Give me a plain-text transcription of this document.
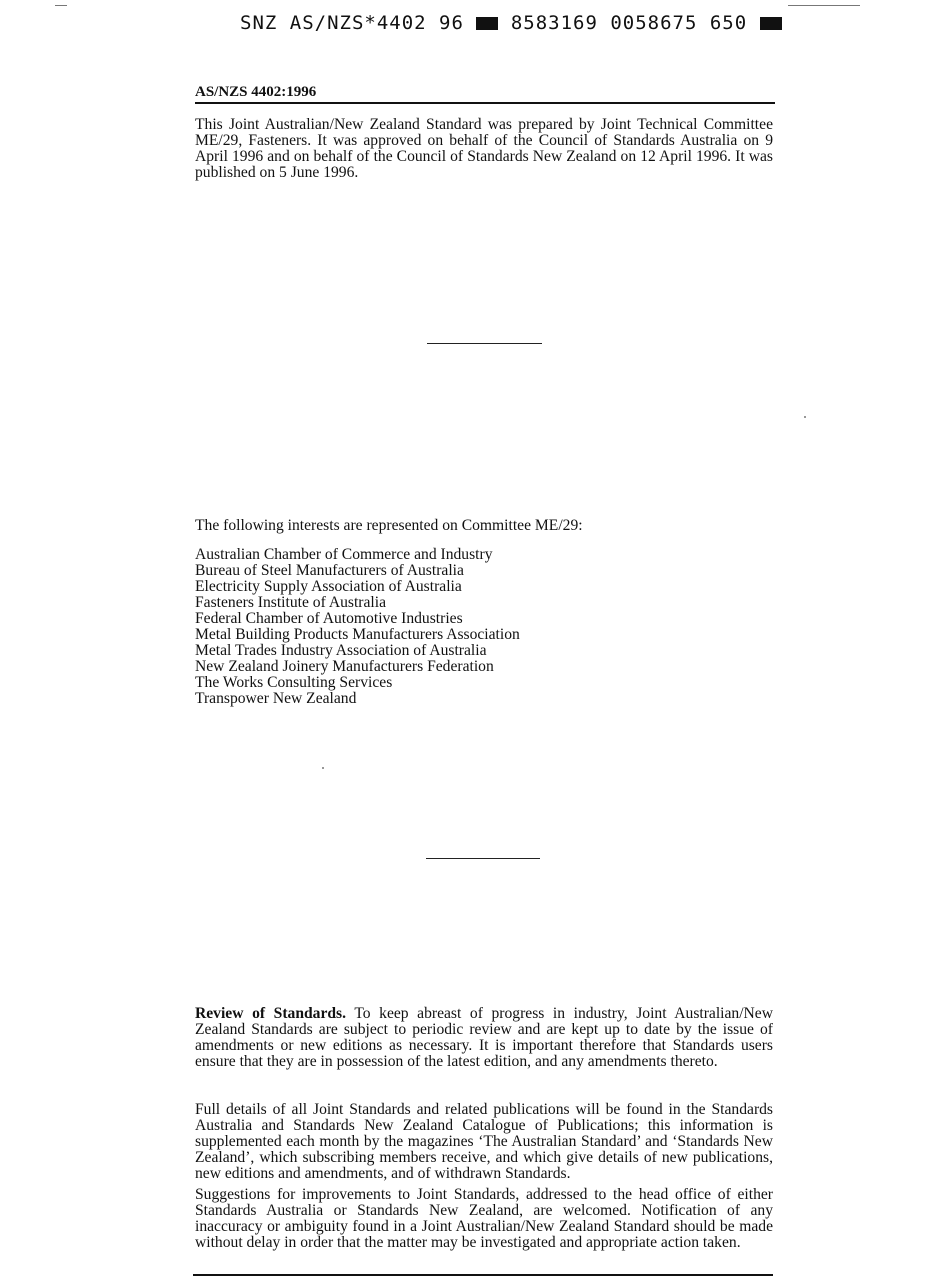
SNZ AS/NZS*4402 96 8583169 0058675 650
AS/NZS 4402:1996

This Joint Australian/New Zealand Standard was prepared by Joint Technical Committee ME/29, Fasteners. It was approved on behalf of the Council of Standards Australia on 9 April 1996 and on behalf of the Council of Standards New Zealand on 12 April 1996. It was published on 5 June 1996.

The following interests are represented on Committee ME/29:

Australian Chamber of Commerce and Industry
Bureau of Steel Manufacturers of Australia
Electricity Supply Association of Australia
Fasteners Institute of Australia
Federal Chamber of Automotive Industries
Metal Building Products Manufacturers Association
Metal Trades Industry Association of Australia
New Zealand Joinery Manufacturers Federation
The Works Consulting Services
Transpower New Zealand

Review of Standards. To keep abreast of progress in industry, Joint Australian/New Zealand Standards are subject to periodic review and are kept up to date by the issue of amendments or new editions as necessary. It is important therefore that Standards users ensure that they are in possession of the latest edition, and any amendments thereto.

Full details of all Joint Standards and related publications will be found in the Standards Australia and Standards New Zealand Catalogue of Publications; this information is supplemented each month by the magazines ‘The Australian Standard’ and ‘Standards New Zealand’, which subscribing members receive, and which give details of new publications, new editions and amendments, and of withdrawn Standards.

Suggestions for improvements to Joint Standards, addressed to the head office of either Standards Australia or Standards New Zealand, are welcomed. Notification of any inaccuracy or ambiguity found in a Joint Australian/New Zealand Standard should be made without delay in order that the matter may be investigated and appropriate action taken.
